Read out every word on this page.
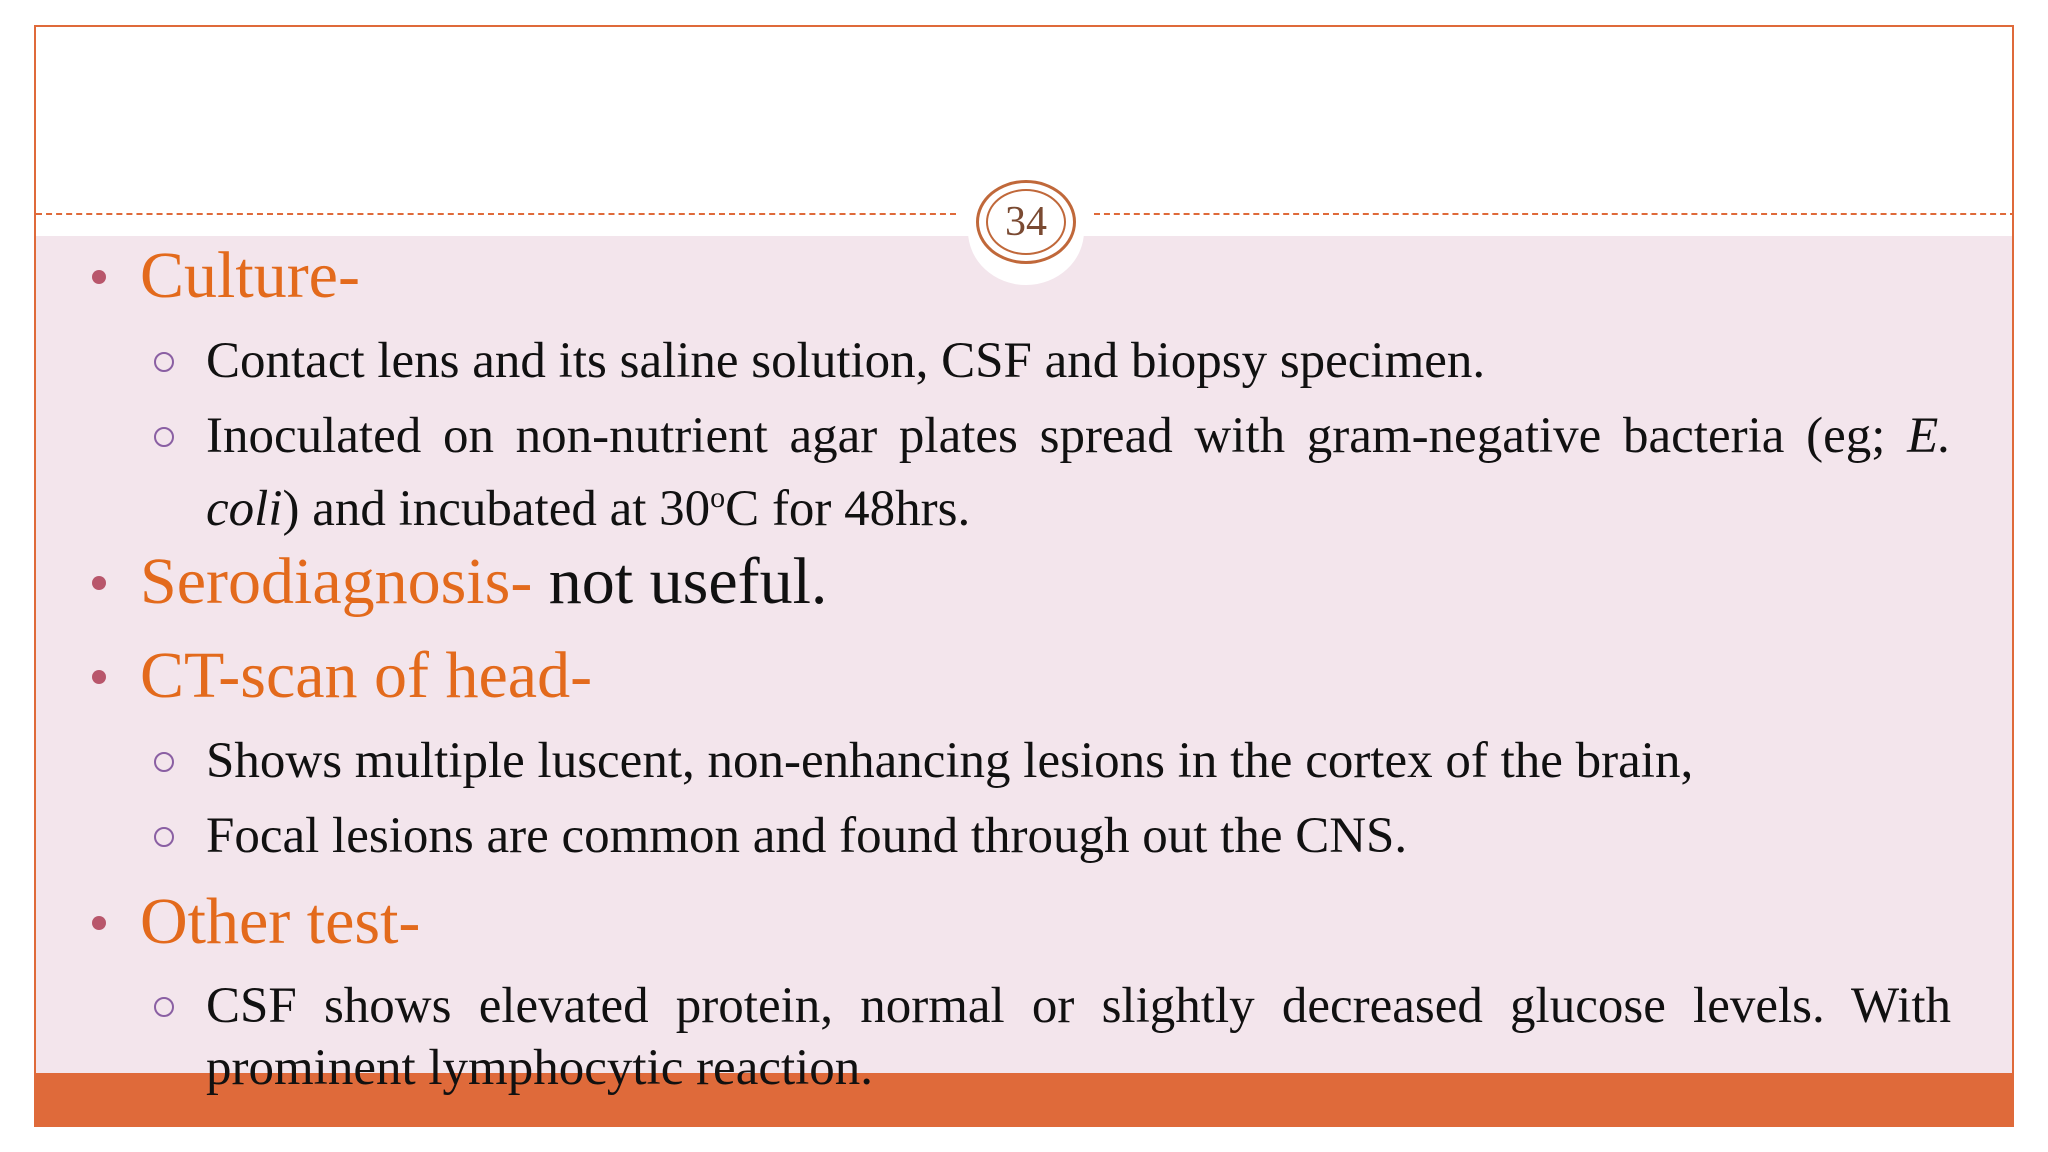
34
Culture-
Contact lens and its saline solution, CSF and biopsy specimen.
Inoculated on non-nutrient agar plates spread with gram-negative bacteria (eg; E. coli) and incubated at 30$^o$C for 48hrs.
Serodiagnosis- not useful.
CT-scan of head-
Shows multiple luscent, non-enhancing lesions in the cortex of the brain,
Focal lesions are common and found through out the CNS.
Other test-
CSF shows elevated protein, normal or slightly decreased glucose levels. With prominent lymphocytic reaction.
